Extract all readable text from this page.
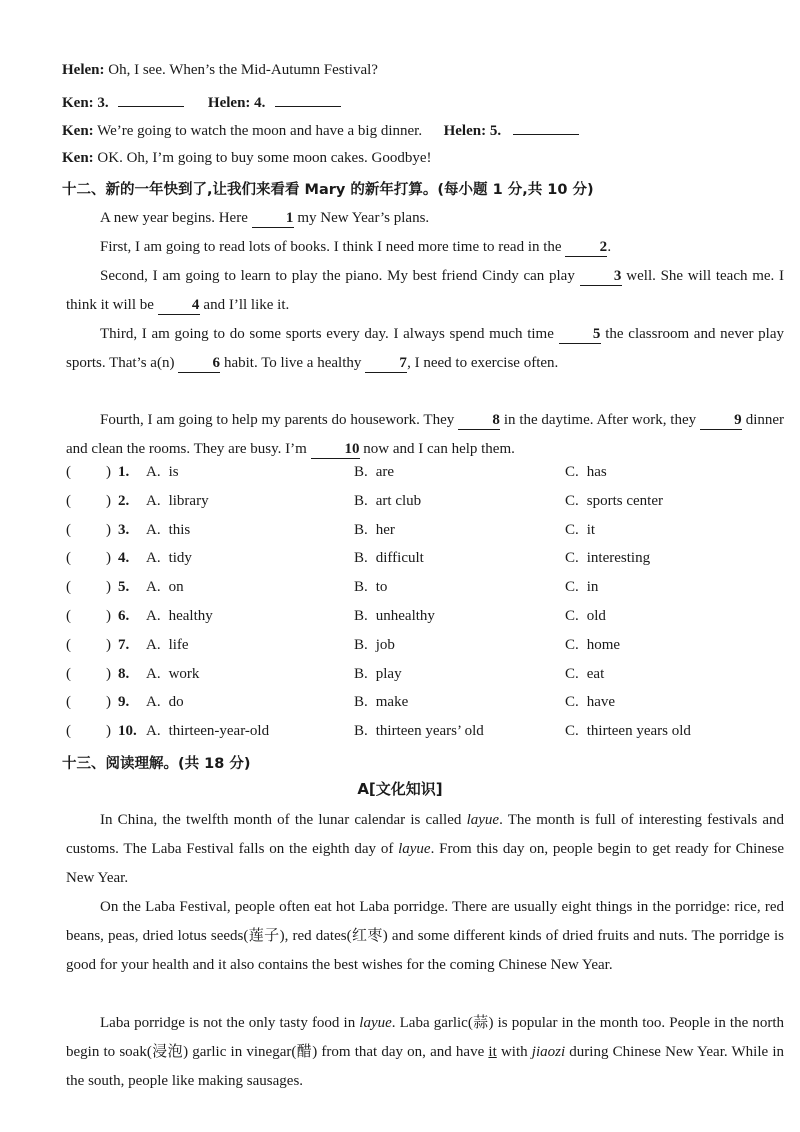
Helen: Oh, I see. When’s the Mid-Autumn Festival?
Ken: 3.	Helen: 4.
Ken: We’re going to watch the moon and have a big dinner. Helen: 5.
Ken: OK. Oh, I’m going to buy some moon cakes. Goodbye!
十二、新的一年快到了,让我们来看看 Mary 的新年打算。(每小题 1 分,共 10 分)
A new year begins. Here	1 my New Year’s plans.
First, I am going to read lots of books. I think I need more time to read in the	2.
Second, I am going to learn to play the piano. My best friend Cindy can play	3 well. She will teach me. I think it will be	4 and I’ll like it.
Third, I am going to do some sports every day. I always spend much time	5 the classroom and never play sports. That’s a(n)	6 habit. To live a healthy	7, I need to exercise often.
Fourth, I am going to help my parents do housework. They	8 in the daytime. After work, they	9 dinner and clean the rooms. They are busy. I’m	10 now and I can help them.
( ) 1. A. is	B. are	C. has
( ) 2. A. library	B. art club	C. sports center
( ) 3. A. this	B. her	C. it
( ) 4. A. tidy	B. difficult	C. interesting
( ) 5. A. on	B. to	C. in
( ) 6. A. healthy	B. unhealthy	C. old
( ) 7. A. life	B. job	C. home
( ) 8. A. work	B. play	C. eat
( ) 9. A. do	B. make	C. have
( ) 10. A. thirteen-year-old	B. thirteen years’ old	C. thirteen years old
十三、阅读理解。(共 18 分)
A[文化知识]
In China, the twelfth month of the lunar calendar is called layue. The month is full of interesting festivals and customs. The Laba Festival falls on the eighth day of layue. From this day on, people begin to get ready for Chinese New Year.
On the Laba Festival, people often eat hot Laba porridge. There are usually eight things in the porridge: rice, red beans, peas, dried lotus seeds(莲子), red dates(红枣) and some different kinds of dried fruits and nuts. The porridge is good for your health and it also contains the best wishes for the coming Chinese New Year.
Laba porridge is not the only tasty food in layue. Laba garlic(蒜) is popular in the month too. People in the north begin to soak(浸泡) garlic in vinegar(醋) from that day on, and have it with jiaozi during Chinese New Year. While in the south, people like making sausages.
